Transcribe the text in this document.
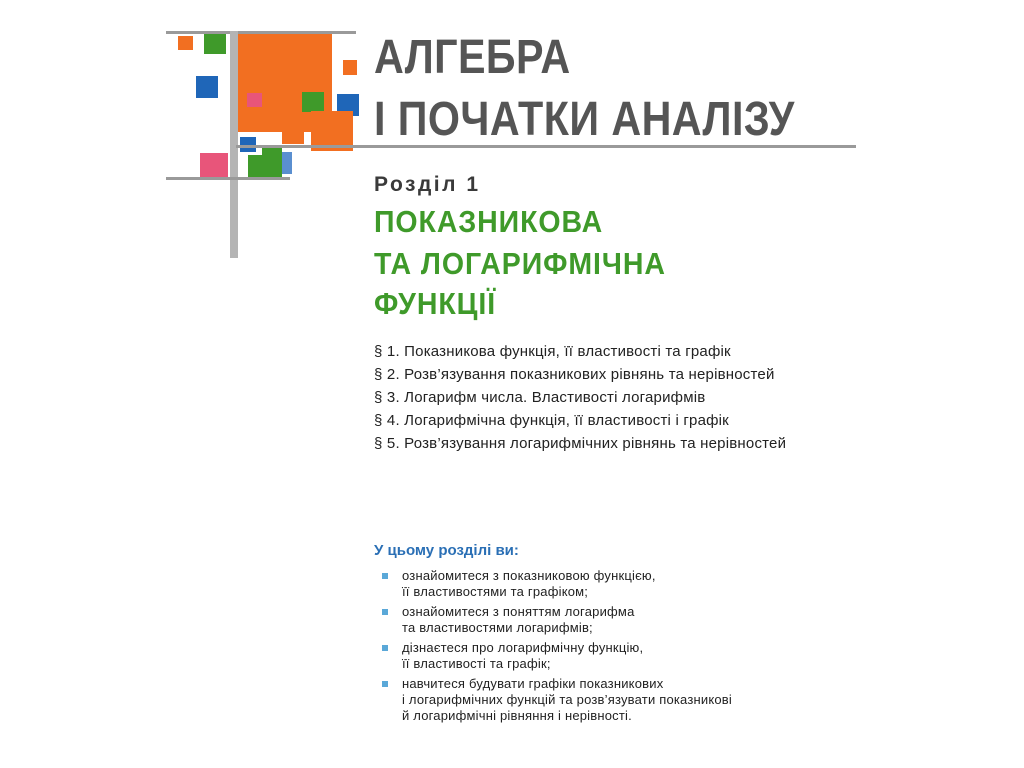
АЛГЕБРА
І ПОЧАТКИ АНАЛІЗУ
Розділ 1
ПОКАЗНИКОВА
ТА ЛОГАРИФМІЧНА
ФУНКЦІЇ
§ 1. Показникова функція, її властивості та графік
§ 2. Розв’язування показникових рівнянь та нерівностей
§ 3. Логарифм числа. Властивості логарифмів
§ 4. Логарифмічна функція, її властивості і графік
§ 5. Розв’язування логарифмічних рівнянь та нерівностей
У цьому розділі ви:
ознайомитеся з показниковою функцією,
її властивостями та графіком;
ознайомитеся з поняттям логарифма
та властивостями логарифмів;
дізнаєтеся про логарифмічну функцію,
її властивості та графік;
навчитеся будувати графіки показникових
і логарифмічних функцій та розв’язувати показникові
й логарифмічні рівняння і нерівності.
